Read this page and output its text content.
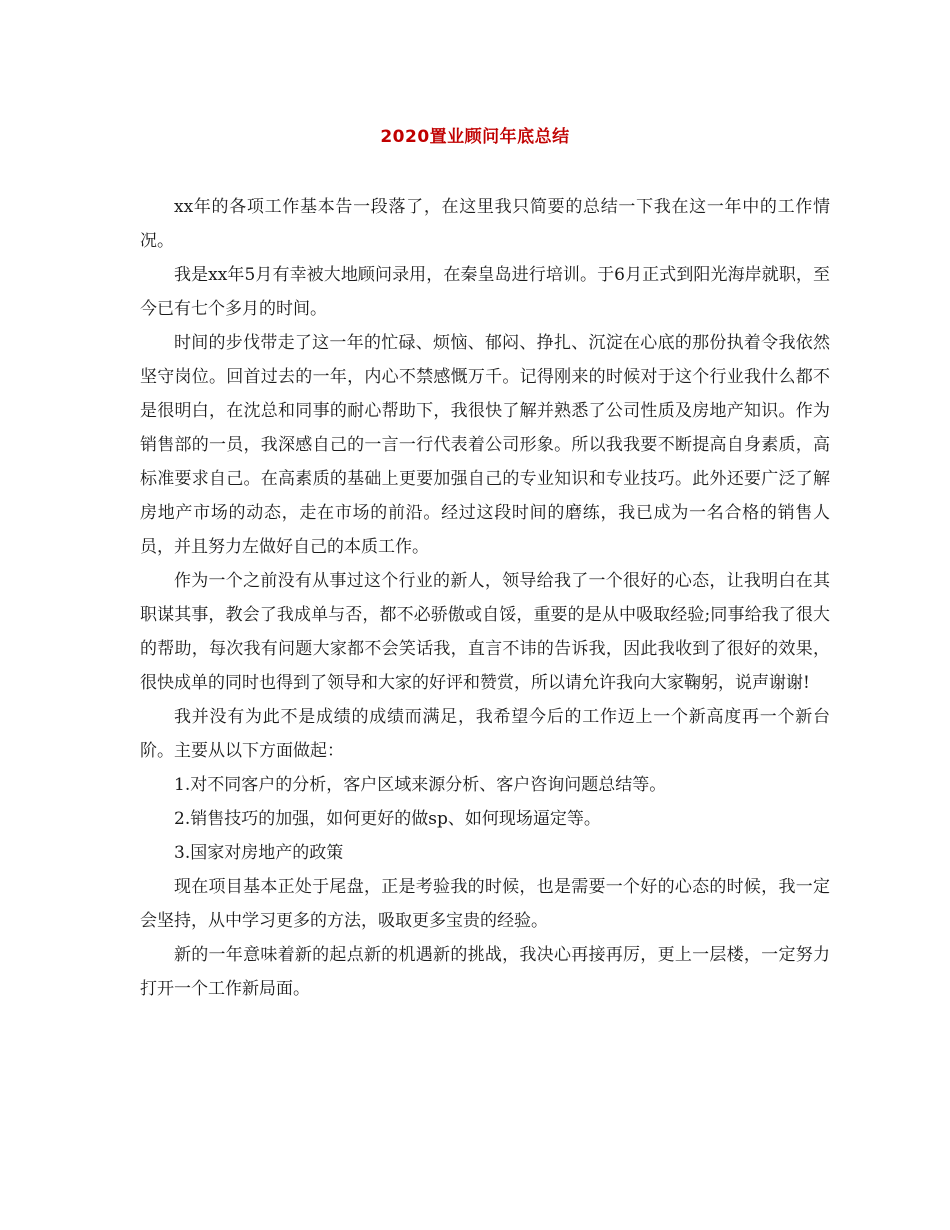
2020置业顾问年底总结

xx年的各项工作基本告一段落了，在这里我只简要的总结一下我在这一年中的工作情况。

我是xx年5月有幸被大地顾问录用，在秦皇岛进行培训。于6月正式到阳光海岸就职，至今已有七个多月的时间。

时间的步伐带走了这一年的忙碌、烦恼、郁闷、挣扎、沉淀在心底的那份执着令我依然坚守岗位。回首过去的一年，内心不禁感慨万千。记得刚来的时候对于这个行业我什么都不是很明白，在沈总和同事的耐心帮助下，我很快了解并熟悉了公司性质及房地产知识。作为销售部的一员，我深感自己的一言一行代表着公司形象。所以我我要不断提高自身素质，高标准要求自己。在高素质的基础上更要加强自己的专业知识和专业技巧。此外还要广泛了解房地产市场的动态，走在市场的前沿。经过这段时间的磨练，我已成为一名合格的销售人员，并且努力左做好自己的本质工作。

作为一个之前没有从事过这个行业的新人，领导给我了一个很好的心态，让我明白在其职谋其事，教会了我成单与否，都不必骄傲或自馁，重要的是从中吸取经验;同事给我了很大的帮助，每次我有问题大家都不会笑话我，直言不讳的告诉我，因此我收到了很好的效果，很快成单的同时也得到了领导和大家的好评和赞赏，所以请允许我向大家鞠躬，说声谢谢!

我并没有为此不是成绩的成绩而满足，我希望今后的工作迈上一个新高度再一个新台阶。主要从以下方面做起：

1.对不同客户的分析，客户区域来源分析、客户咨询问题总结等。

2.销售技巧的加强，如何更好的做sp、如何现场逼定等。

3.国家对房地产的政策

现在项目基本正处于尾盘，正是考验我的时候，也是需要一个好的心态的时候，我一定会坚持，从中学习更多的方法，吸取更多宝贵的经验。

新的一年意味着新的起点新的机遇新的挑战，我决心再接再厉，更上一层楼，一定努力打开一个工作新局面。
